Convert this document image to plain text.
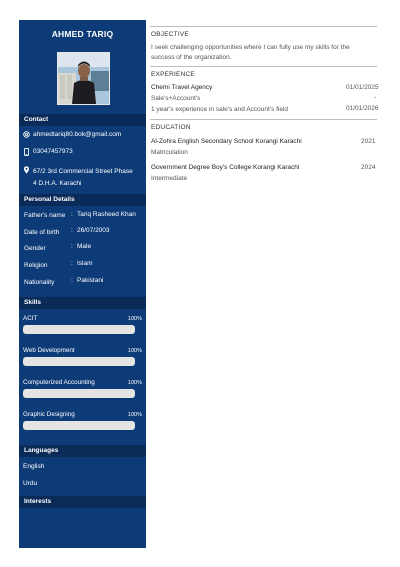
AHMED TARIQ
Contact
ahmedtariq80.bok@gmail.com
03047457973
67/2 3rd Commercial Street Phase
4 D.H.A. Karachi
Personal Details
Father's name : Tariq Rasheed Khan
Date of birth : 26/07/2003
Gender	: Male
Religion	: Islam
Nationality	: Pakistani
Skills
ACIT	100%
Web Development	100%
Computerized Accounting	100%
Graphic Designing	100%
Languages
English
Urdu
Interests
OBJECTIVE
I seek challenging opportunities where I can fully use my skills for the
success of the organization.
EXPERIENCE
Chemi Travel Agency	01/01/2025
Sale's+Account's	-
1 year's experience in sale's and Account's field	01/01/2026
EDUCATION
Al-Zohra English Secondary School Korangi Karachi	2021
Matriculation
Government Degree Boy's College Korangi Karachi	2024
Intermediate
